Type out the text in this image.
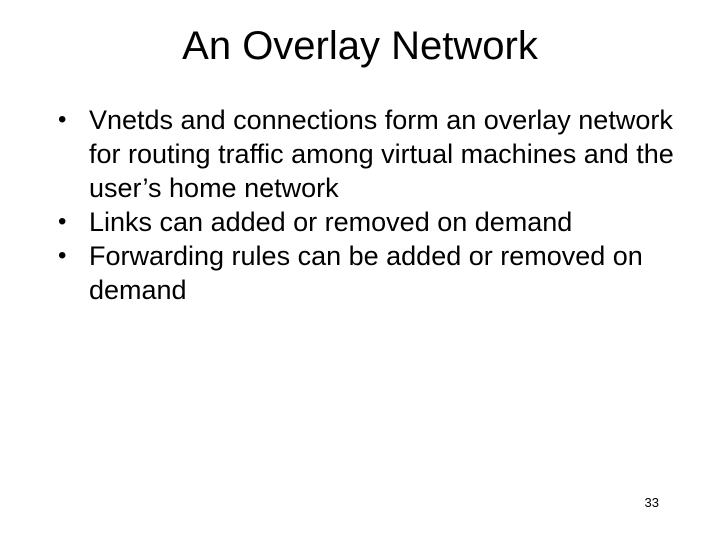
An Overlay Network
• Vnetds and connections form an overlay network for routing traffic among virtual machines and the user’s home network
• Links can added or removed on demand
• Forwarding rules can be added or removed on demand
33
